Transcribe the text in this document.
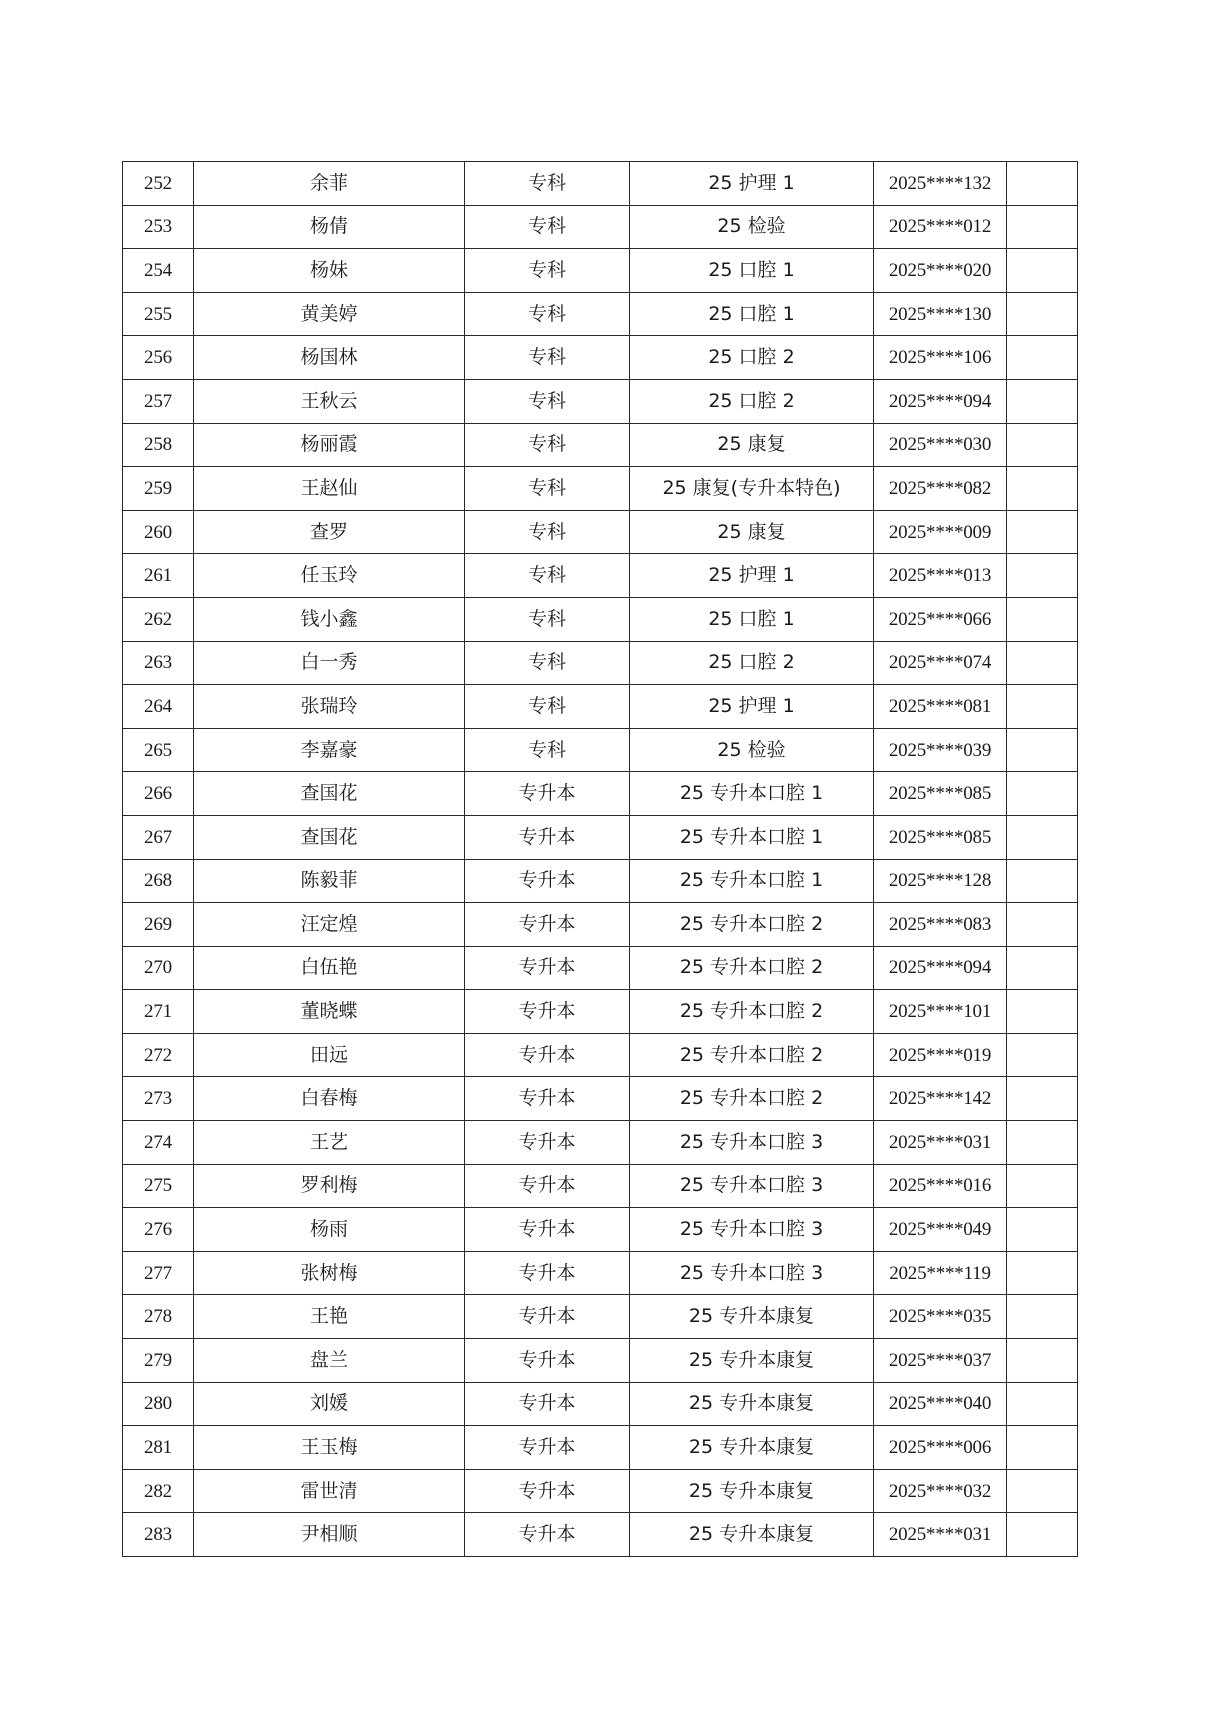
252	余菲	专科	25 护理 1	2025****132	
253	杨倩	专科	25 检验	2025****012	
254	杨妹	专科	25 口腔 1	2025****020	
255	黄美婷	专科	25 口腔 1	2025****130	
256	杨国林	专科	25 口腔 2	2025****106	
257	王秋云	专科	25 口腔 2	2025****094	
258	杨丽霞	专科	25 康复	2025****030	
259	王赵仙	专科	25 康复(专升本特色)	2025****082	
260	查罗	专科	25 康复	2025****009	
261	任玉玲	专科	25 护理 1	2025****013	
262	钱小鑫	专科	25 口腔 1	2025****066	
263	白一秀	专科	25 口腔 2	2025****074	
264	张瑞玲	专科	25 护理 1	2025****081	
265	李嘉豪	专科	25 检验	2025****039	
266	查国花	专升本	25 专升本口腔 1	2025****085	
267	查国花	专升本	25 专升本口腔 1	2025****085	
268	陈毅菲	专升本	25 专升本口腔 1	2025****128	
269	汪定煌	专升本	25 专升本口腔 2	2025****083	
270	白伍艳	专升本	25 专升本口腔 2	2025****094	
271	董晓蝶	专升本	25 专升本口腔 2	2025****101	
272	田远	专升本	25 专升本口腔 2	2025****019	
273	白春梅	专升本	25 专升本口腔 2	2025****142	
274	王艺	专升本	25 专升本口腔 3	2025****031	
275	罗利梅	专升本	25 专升本口腔 3	2025****016	
276	杨雨	专升本	25 专升本口腔 3	2025****049	
277	张树梅	专升本	25 专升本口腔 3	2025****119	
278	王艳	专升本	25 专升本康复	2025****035	
279	盘兰	专升本	25 专升本康复	2025****037	
280	刘媛	专升本	25 专升本康复	2025****040	
281	王玉梅	专升本	25 专升本康复	2025****006	
282	雷世清	专升本	25 专升本康复	2025****032	
283	尹相顺	专升本	25 专升本康复	2025****031	
